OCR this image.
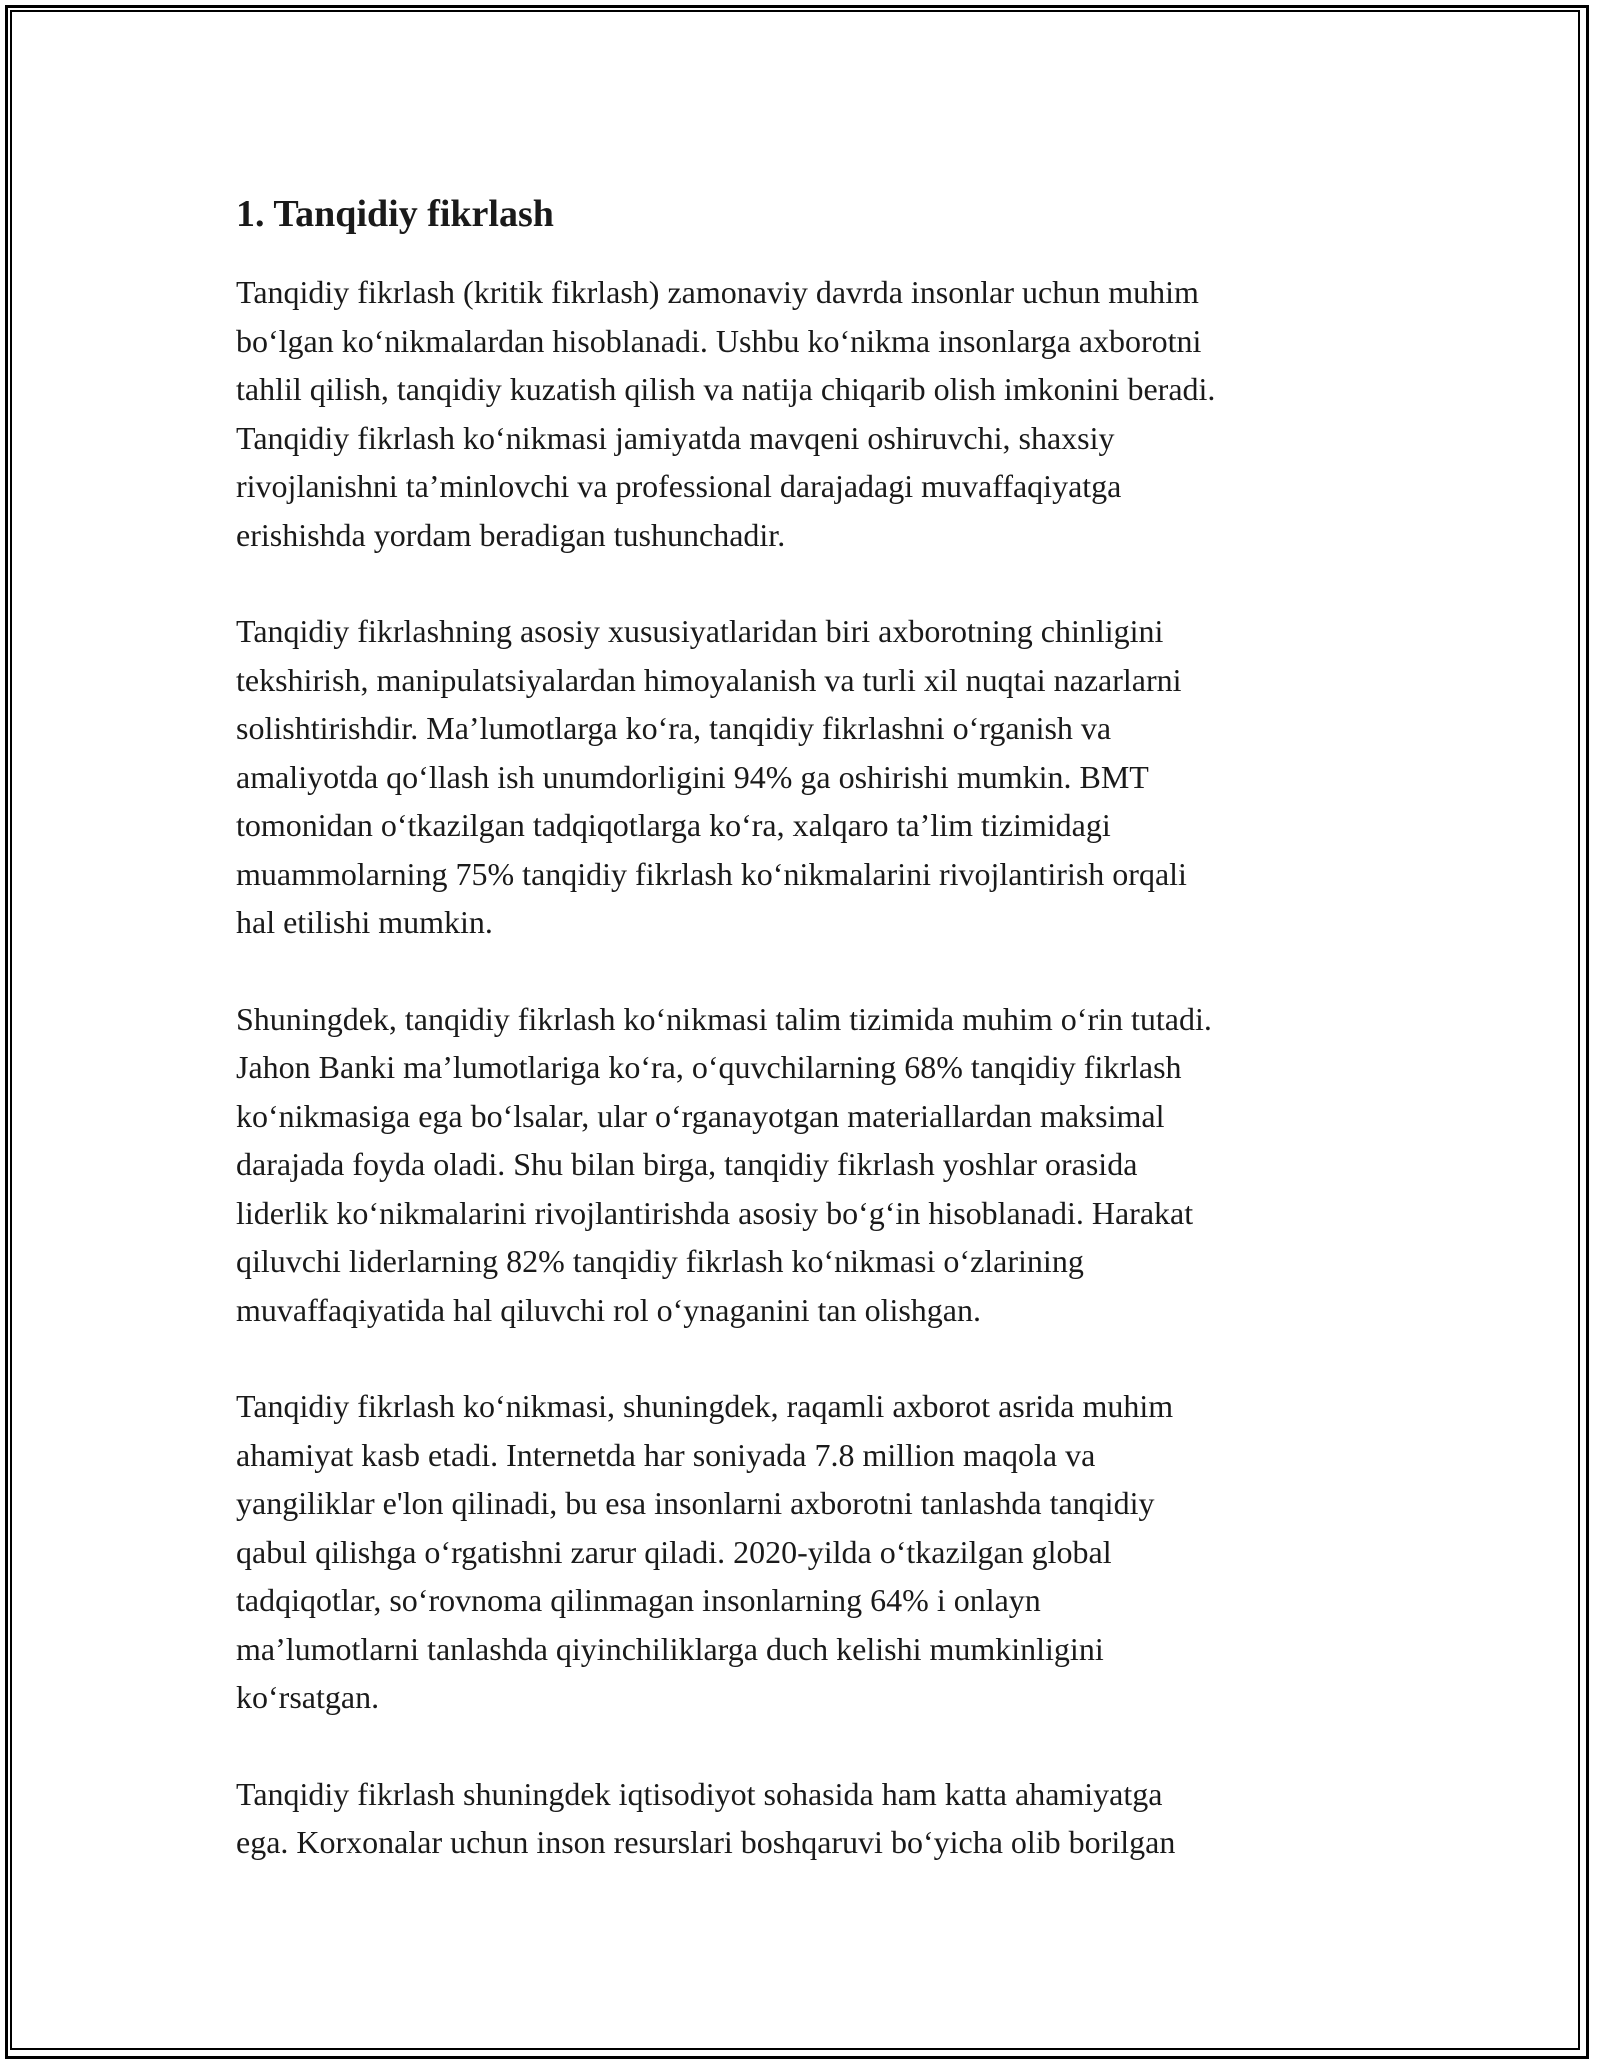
1. Tanqidiy fikrlash
Tanqidiy fikrlash (kritik fikrlash) zamonaviy davrda insonlar uchun muhim
bo‘lgan ko‘nikmalardan hisoblanadi. Ushbu ko‘nikma insonlarga axborotni
tahlil qilish, tanqidiy kuzatish qilish va natija chiqarib olish imkonini beradi.
Tanqidiy fikrlash ko‘nikmasi jamiyatda mavqeni oshiruvchi, shaxsiy
rivojlanishni ta’minlovchi va professional darajadagi muvaffaqiyatga
erishishda yordam beradigan tushunchadir.
Tanqidiy fikrlashning asosiy xususiyatlaridan biri axborotning chinligini
tekshirish, manipulatsiyalardan himoyalanish va turli xil nuqtai nazarlarni
solishtirishdir. Ma’lumotlarga ko‘ra, tanqidiy fikrlashni o‘rganish va
amaliyotda qo‘llash ish unumdorligini 94% ga oshirishi mumkin. BMT
tomonidan o‘tkazilgan tadqiqotlarga ko‘ra, xalqaro ta’lim tizimidagi
muammolarning 75% tanqidiy fikrlash ko‘nikmalarini rivojlantirish orqali
hal etilishi mumkin.
Shuningdek, tanqidiy fikrlash ko‘nikmasi talim tizimida muhim o‘rin tutadi.
Jahon Banki ma’lumotlariga ko‘ra, o‘quvchilarning 68% tanqidiy fikrlash
ko‘nikmasiga ega bo‘lsalar, ular o‘rganayotgan materiallardan maksimal
darajada foyda oladi. Shu bilan birga, tanqidiy fikrlash yoshlar orasida
liderlik ko‘nikmalarini rivojlantirishda asosiy bo‘g‘in hisoblanadi. Harakat
qiluvchi liderlarning 82% tanqidiy fikrlash ko‘nikmasi o‘zlarining
muvaffaqiyatida hal qiluvchi rol o‘ynaganini tan olishgan.
Tanqidiy fikrlash ko‘nikmasi, shuningdek, raqamli axborot asrida muhim
ahamiyat kasb etadi. Internetda har soniyada 7.8 million maqola va
yangiliklar e'lon qilinadi, bu esa insonlarni axborotni tanlashda tanqidiy
qabul qilishga o‘rgatishni zarur qiladi. 2020-yilda o‘tkazilgan global
tadqiqotlar, so‘rovnoma qilinmagan insonlarning 64% i onlayn
ma’lumotlarni tanlashda qiyinchiliklarga duch kelishi mumkinligini
ko‘rsatgan.
Tanqidiy fikrlash shuningdek iqtisodiyot sohasida ham katta ahamiyatga
ega. Korxonalar uchun inson resurslari boshqaruvi bo‘yicha olib borilgan
